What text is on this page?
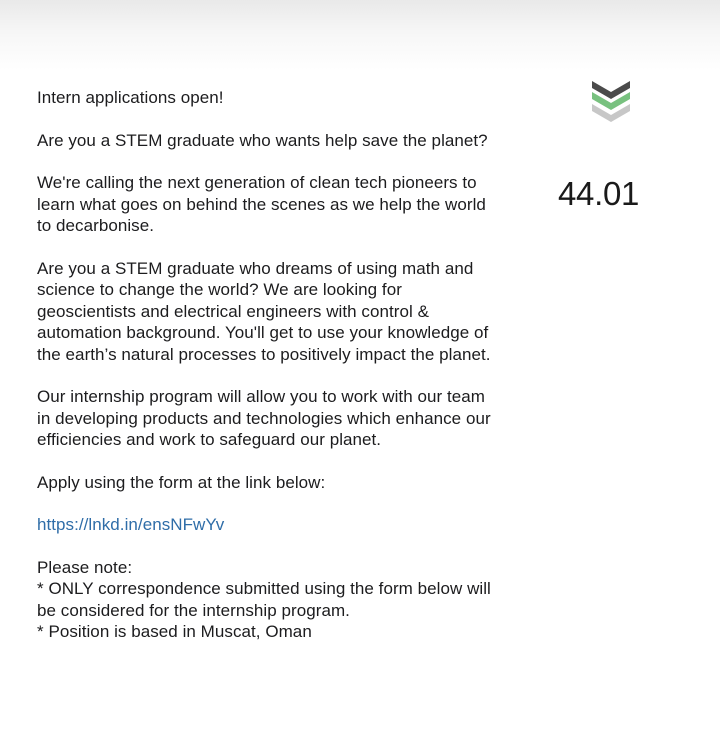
Intern applications open!

Are you a STEM graduate who wants help save the planet?

We're calling the next generation of clean tech pioneers to
learn what goes on behind the scenes as we help the world
to decarbonise.

Are you a STEM graduate who dreams of using math and
science to change the world? We are looking for
geoscientists and electrical engineers with control &
automation background. You'll get to use your knowledge of
the earth’s natural processes to positively impact the planet.

Our internship program will allow you to work with our team
in developing products and technologies which enhance our
efficiencies and work to safeguard our planet.

Apply using the form at the link below:

https://lnkd.in/ensNFwYv

Please note:

* ONLY correspondence submitted using the form below will
be considered for the internship program.

* Position is based in Muscat, Oman

44.01
